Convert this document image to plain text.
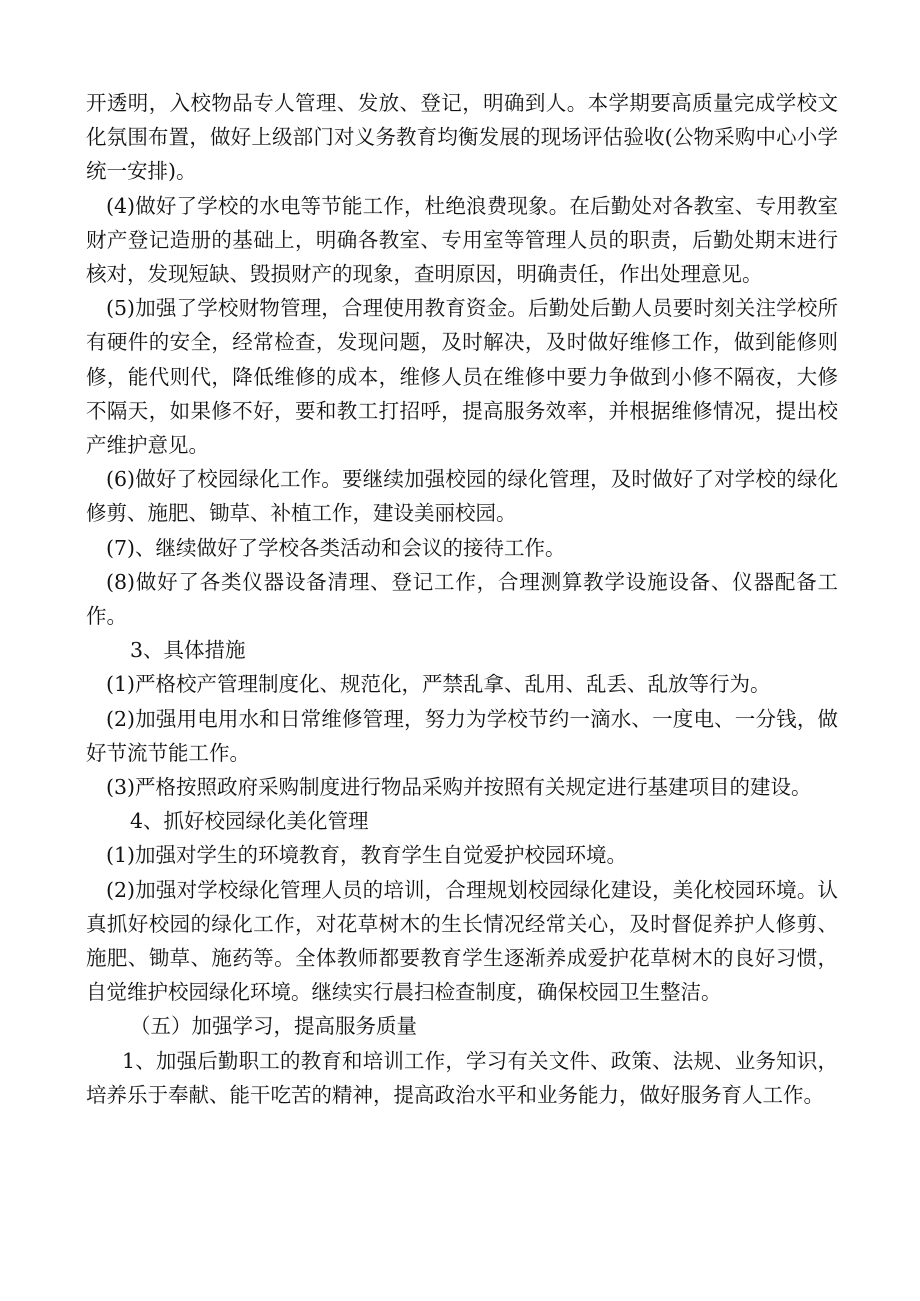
开透明，入校物品专人管理、发放、登记，明确到人。本学期要高质量完成学校文化氛围布置，做好上级部门对义务教育均衡发展的现场评估验收(公物采购中心小学统一安排)。

(4)做好了学校的水电等节能工作，杜绝浪费现象。在后勤处对各教室、专用教室财产登记造册的基础上，明确各教室、专用室等管理人员的职责，后勤处期末进行核对，发现短缺、毁损财产的现象，查明原因，明确责任，作出处理意见。

(5)加强了学校财物管理，合理使用教育资金。后勤处后勤人员要时刻关注学校所有硬件的安全，经常检查，发现问题，及时解决，及时做好维修工作，做到能修则修，能代则代，降低维修的成本，维修人员在维修中要力争做到小修不隔夜，大修不隔天，如果修不好，要和教工打招呼，提高服务效率，并根据维修情况，提出校产维护意见。

(6)做好了校园绿化工作。要继续加强校园的绿化管理，及时做好了对学校的绿化修剪、施肥、锄草、补植工作，建设美丽校园。

(7)、继续做好了学校各类活动和会议的接待工作。

(8)做好了各类仪器设备清理、登记工作，合理测算教学设施设备、仪器配备工作。

3、具体措施

(1)严格校产管理制度化、规范化，严禁乱拿、乱用、乱丢、乱放等行为。

(2)加强用电用水和日常维修管理，努力为学校节约一滴水、一度电、一分钱，做好节流节能工作。

(3)严格按照政府采购制度进行物品采购并按照有关规定进行基建项目的建设。

4、抓好校园绿化美化管理

(1)加强对学生的环境教育，教育学生自觉爱护校园环境。

(2)加强对学校绿化管理人员的培训，合理规划校园绿化建设，美化校园环境。认真抓好校园的绿化工作，对花草树木的生长情况经常关心，及时督促养护人修剪、施肥、锄草、施药等。全体教师都要教育学生逐渐养成爱护花草树木的良好习惯，自觉维护校园绿化环境。继续实行晨扫检查制度，确保校园卫生整洁。

（五）加强学习，提高服务质量

1、加强后勤职工的教育和培训工作，学习有关文件、政策、法规、业务知识，培养乐于奉献、能干吃苦的精神，提高政治水平和业务能力，做好服务育人工作。
